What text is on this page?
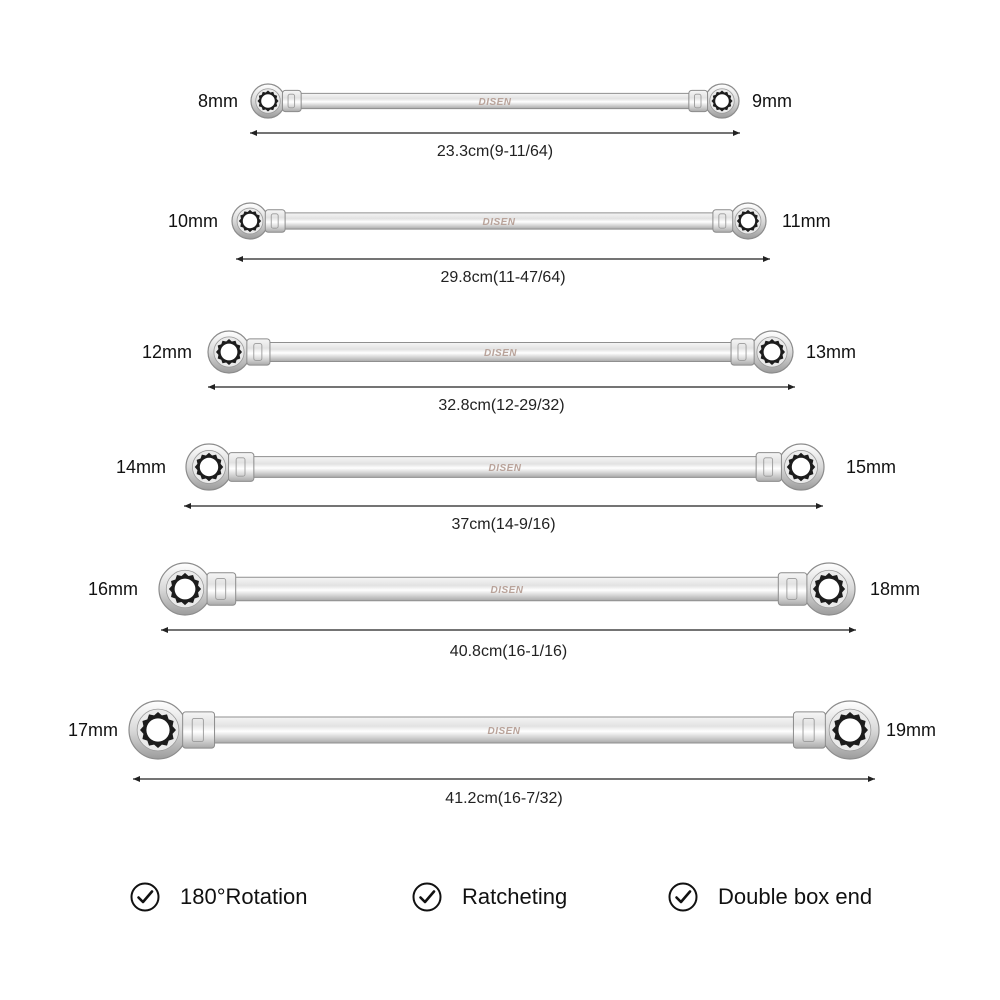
DISEN
8mm	9mm
23.3cm(9-11/64)
DISEN
10mm	11mm
29.8cm(11-47/64)
DISEN
12mm	13mm
32.8cm(12-29/32)
DISEN
14mm	15mm
37cm(14-9/16)
DISEN
16mm	18mm
40.8cm(16-1/16)
DISEN
17mm	19mm
41.2cm(16-7/32)
180°Rotation	Ratcheting	Double box end
